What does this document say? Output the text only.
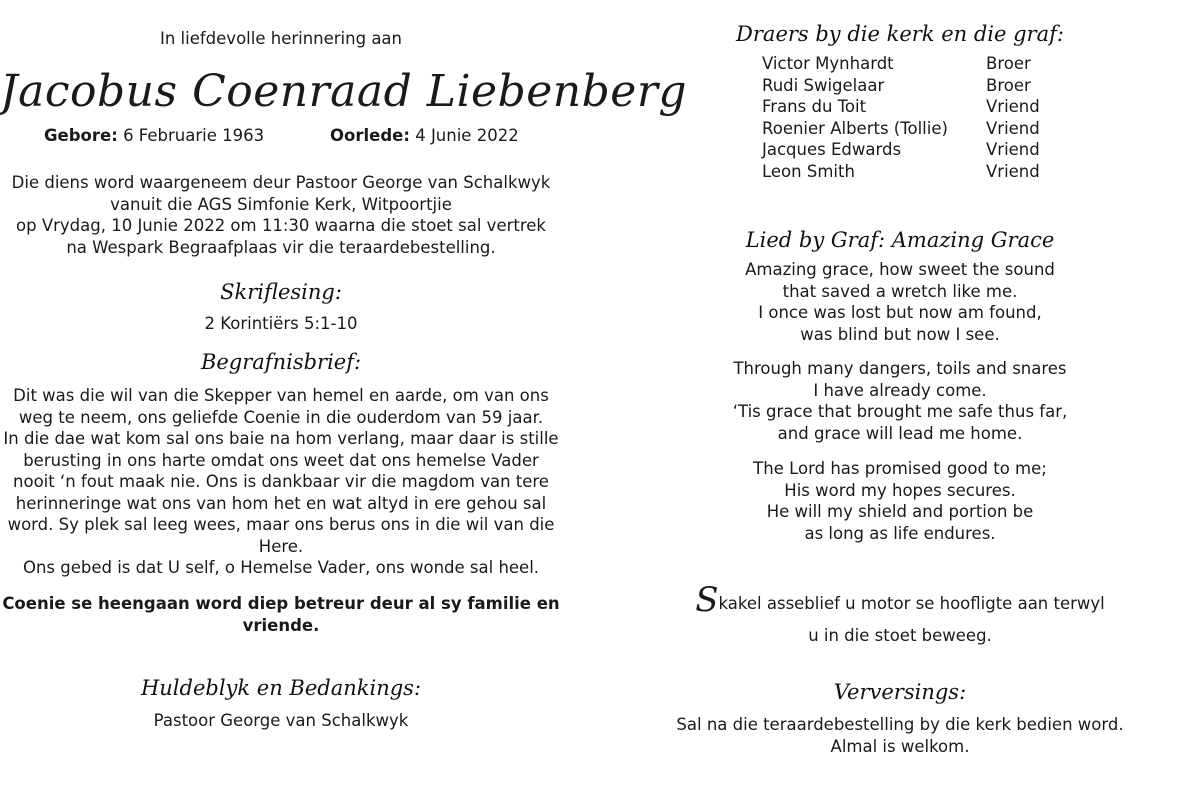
In liefdevolle herinnering aan
Jacobus Coenraad Liebenberg
Gebore: 6 Februarie 1963	Oorlede: 4 Junie 2022
Die diens word waargeneem deur Pastoor George van Schalkwyk
vanuit die AGS Simfonie Kerk, Witpoortjie
op Vrydag, 10 Junie 2022 om 11:30 waarna die stoet sal vertrek
na Wespark Begraafplaas vir die teraardebestelling.
Skriflesing:
2 Korintiërs 5:1-10
Begrafnisbrief:
Dit was die wil van die Skepper van hemel en aarde, om van ons
weg te neem, ons geliefde Coenie in die ouderdom van 59 jaar.
In die dae wat kom sal ons baie na hom verlang, maar daar is stille
berusting in ons harte omdat ons weet dat ons hemelse Vader
nooit ‘n fout maak nie. Ons is dankbaar vir die magdom van tere
herinneringe wat ons van hom het en wat altyd in ere gehou sal
word. Sy plek sal leeg wees, maar ons berus ons in die wil van die
Here.
Ons gebed is dat U self, o Hemelse Vader, ons wonde sal heel.
Coenie se heengaan word diep betreur deur al sy familie en
vriende.
Huldeblyk en Bedankings:
Pastoor George van Schalkwyk
Draers by die kerk en die graf:
Victor Mynhardt	Broer
Rudi Swigelaar	Broer
Frans du Toit	Vriend
Roenier Alberts (Tollie)	Vriend
Jacques Edwards	Vriend
Leon Smith	Vriend
Lied by Graf: Amazing Grace
Amazing grace, how sweet the sound
that saved a wretch like me.
I once was lost but now am found,
was blind but now I see.
Through many dangers, toils and snares
I have already come.
‘Tis grace that brought me safe thus far,
and grace will lead me home.
The Lord has promised good to me;
His word my hopes secures.
He will my shield and portion be
as long as life endures.
Skakel asseblief u motor se hoofligte aan terwyl
u in die stoet beweeg.
Verversings:
Sal na die teraardebestelling by die kerk bedien word.
Almal is welkom.
